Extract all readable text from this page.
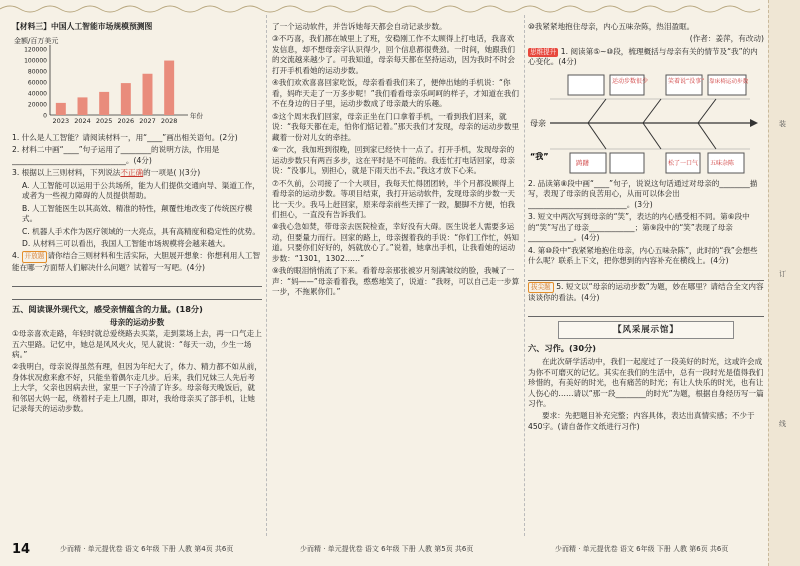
【材料三】中国人工智能市场规模预测图
金额/百万美元
0
20000
40000
60000
80000
100000
120000
2023 2024 2025 2026 2027 2028
年份
1. 什么是人工智能？请阅读材料一，用“____”画出相关语句。(2分)
2. 材料二中画“____”句子运用了________的说明方法，作用是______________________________。(4分)
3. 根据以上三则材料，下列说法不正确的一项是( )(3分)
A. 人工智能可以运用于公共场所，能为人们提供交通向导、渠道工作，或者为一些视力障碍的人员提供帮助。
B. 人工智能医生以其高效、精准的特性，颠覆性地改变了传统医疗模式。
C. 机器人手术作为医疗领域的一大亮点，具有高精度和稳定性的优势。
D. 从材料三可以看出，我国人工智能市场规模将会越来越大。
4. 开放题 请你结合三则材料和生活实际，大胆展开想象：你想利用人工智能在哪一方面帮人们解决什么问题？试着写一写吧。(4分)
五、阅读课外现代文，感受亲情蕴含的力量。(18分)
母亲的运动步数
①母亲喜欢走路，年轻时就总爱绕路去买菜，走到菜场上去，再一口气走上五六里路。记忆中，她总是风风火火，见人就说：“每天一动，少生一场病。”
②我明白，母亲说得虽然有理，但因为年纪大了，体力、精力都不如从前，身体状况愈来愈不好，只能坐着偶尔走几步。后来，我们兄妹三人先后考上大学，父亲也因病去世，家里一下子冷清了许多。母亲每天晚饭后，就和邻居大妈一起，绕着村子走上几圈，即对，我给母亲买了部手机，让她记录每天的运动步数。
了一个运动软件，并告诉她每天都会自动记录步数。
③不巧喜，我们都在城里上了班，安稳刚工作不太顾得上打电话，我喜欢发信息，却不想母亲字认识得少，回个信息都很费劲。一时间，她跟我们的交流越来越少了。可我知道，母亲每天都在坚持运动，因为我时不时会打开手机看她的运动步数。
④我们欢欢喜喜回家吃饭，母亲看看我们来了，便伸出她的手机说：“你看，妈昨天走了一万多步呢！”我们看看母亲乐呵呵的样子，才知道在我们不在身边的日子里，运动步数成了母亲最大的乐趣。
⑤这个周末我们回家，母亲正坐在门口拿着手机，一看到我们回来，就说：“我每天都在走，怕你们惦记着。”那天我们才发现，母亲的运动步数里藏着一份对儿女的牵挂。
⑥一次，我加班到很晚，回到家已经快十一点了。打开手机，发现母亲的运动步数只有两百多步，这在平时是不可能的。我连忙打电话回家，母亲说：“没事儿，别担心，就是下雨天出不去。”我这才放下心来。
⑦不久前，公司接了一个大项目，我每天忙得团团转，半个月都没顾得上看母亲的运动步数。等项目结束，我打开运动软件，发现母亲的步数一天比一天少。我马上赶回家，原来母亲前些天摔了一跤，腿脚不方便，怕我们担心，一直没有告诉我们。
⑧我心急如焚，带母亲去医院检查，幸好没有大碍。医生说老人需要多运动，但要量力而行。回家的路上，母亲握着我的手说：“你们工作忙，妈知道。只要你们好好的，妈就放心了。”说着，她拿出手机，让我看她的运动步数：“1301，1302……”
⑨我的眼泪悄悄流了下来。看着母亲那张被岁月刻满皱纹的脸，我喊了一声：“妈——”母亲看着我，憨憨地笑了，说道：“我呀，可以自己走一步算一步，不拖累你们。”
⑩我紧紧地抱住母亲，内心五味杂陈，热泪盈眶。
(作者：姜萍，有改动)
思维提升 1. 阅读第⑤~⑩段，梳理概括与母亲有关的情节及“我”的内心变化。(4分)
母亲
“我”
运动步数很少	笑着说“没事” 靠床椅运动步数
五味杂陈
踌躇	松了一口气
2. 品读第⑧段中画“____”句子，说说这句话通过对母亲的________描写，表现了母亲的良苦用心，从而可以体会出__________________________。(3分)
3. 短文中两次写到母亲的“笑”，表达的内心感受相不同。第⑥段中的“笑”写出了母亲____________；第⑨段中的“笑”表现了母亲____________。(4分)
4. 第⑩段中“我紧紧地抱住母亲，内心五味杂陈”，此时的“我”会想些什么呢？联系上下文，把你想到的内容补充在横线上。(4分)
拔尖题 5. 短文以“母亲的运动步数”为题，妙在哪里？请结合全文内容谈谈你的看法。(4分)
【风采展示馆】
六、习作。(30分)
在此次研学活动中，我们一起度过了一段美好的时光，这或许会成为你不可磨灭的记忆。其实在我们的生活中，总有一段时光是值得我们珍惜的，有美好的时光，也有痛苦的时光；有让人快乐的时光，也有让人伤心的……请以“那一段________的时光”为题，根据自身经历写一篇习作。
要求：先把题目补充完整；内容具体，表达出真情实感；不少于450字。(请自备作文纸进行习作)
装
订
线
14	少而精 · 单元提优卷 语文 6年级 下册 人教 第4页 共6页	少而精 · 单元提优卷 语文 6年级 下册 人教 第5页 共6页	少而精 · 单元提优卷 语文 6年级 下册 人教 第6页 共6页
